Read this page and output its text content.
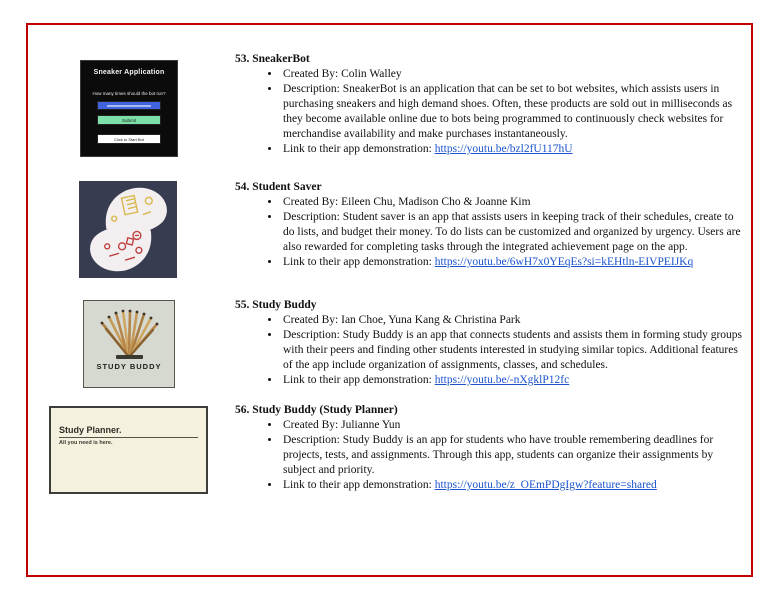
Sneaker Application
How many times should the bot run?
Submit
Click to Start Bot
STUDY BUDDY
Study Planner.
All you need is here.
53. SneakerBot
• Created By: Colin Walley
• Description: SneakerBot is an application that can be set to bot websites, which assists users in purchasing sneakers and high demand shoes. Often, these products are sold out in milliseconds as they become available online due to bots being programmed to continuously check websites for merchandise availability and make purchases instantaneously.
• Link to their app demonstration: https://youtu.be/bzl2fU117hU
54. Student Saver
• Created By: Eileen Chu, Madison Cho & Joanne Kim
• Description: Student saver is an app that assists users in keeping track of their schedules, create to do lists, and budget their money. To do lists can be customized and organized by urgency. Users are also rewarded for completing tasks through the integrated achievement page on the app.
• Link to their app demonstration: https://youtu.be/6wH7x0YEqEs?si=kEHtln-EIVPEIJKq
55. Study Buddy
• Created By: Ian Choe, Yuna Kang & Christina Park
• Description: Study Buddy is an app that connects students and assists them in forming study groups with their peers and finding other students interested in studying similar topics. Additional features of the app include organization of assignments, classes, and schedules.
• Link to their app demonstration: https://youtu.be/-nXgklP12fc
56. Study Buddy (Study Planner)
• Created By: Julianne Yun
• Description: Study Buddy is an app for students who have trouble remembering deadlines for projects, tests, and assignments. Through this app, students can organize their assignments by subject and priority.
• Link to their app demonstration: https://youtu.be/z_OEmPDgIgw?feature=shared
